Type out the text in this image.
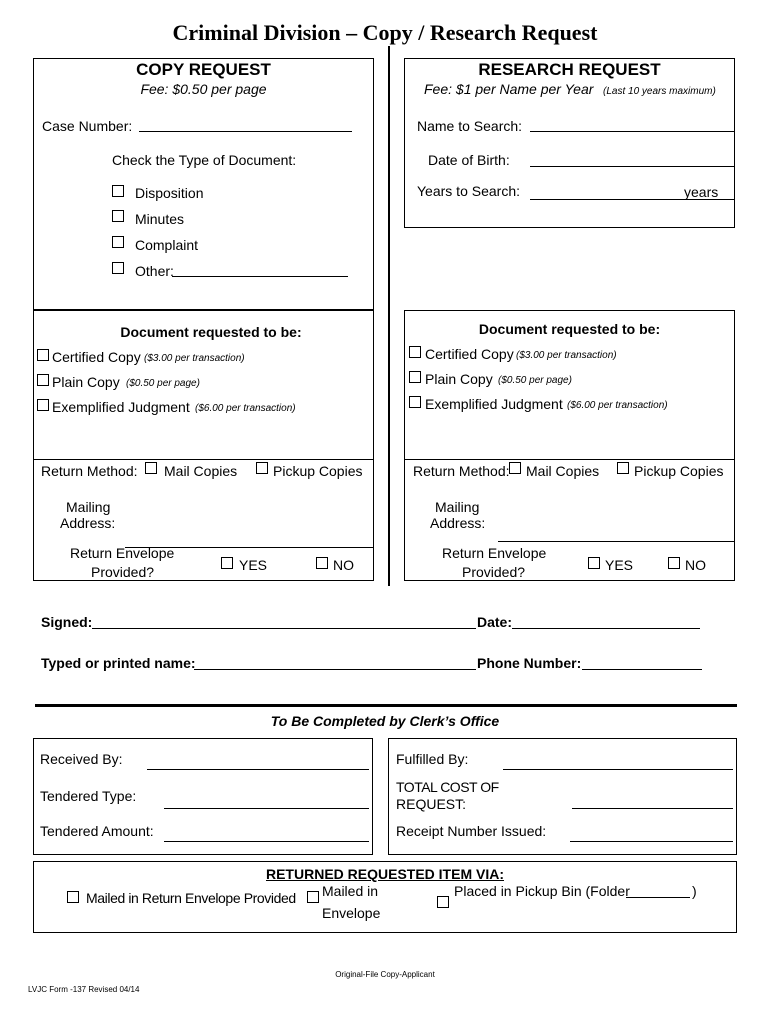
Criminal Division – Copy / Research Request
COPY REQUEST
Fee: $0.50 per page
Case Number:
Check the Type of Document:
Disposition
Minutes
Complaint
Other:
Document requested to be:
Certified Copy ($3.00 per transaction)
Plain Copy ($0.50 per page)
Exemplified Judgment ($6.00 per transaction)
Return Method: Mail Copies	Pickup Copies
Mailing
Address:
Return Envelope
Provided?	YES	NO
RESEARCH REQUEST
Fee: $1 per Name per Year (Last 10 years maximum)
Name to Search:
Date of Birth:
Years to Search:	years
Document requested to be:
Certified Copy ($3.00 per transaction)
Plain Copy ($0.50 per page)
Exemplified Judgment ($6.00 per transaction)
Return Method: Mail Copies Pickup Copies
Mailing
Address:
Return Envelope
Provided?	YES	NO
Signed:	Date:
Typed or printed name:	Phone Number:
To Be Completed by Clerk’s Office
Received By:
Tendered Type:
Tendered Amount:
Fulfilled By:
TOTAL COST OF
REQUEST:
Receipt Number Issued:
RETURNED REQUESTED ITEM VIA:
Mailed in Return Envelope Provided Mailed in
Envelope
Placed in Pickup Bin (Folder	)
Original-File Copy-Applicant
LVJC Form -137 Revised 04/14
